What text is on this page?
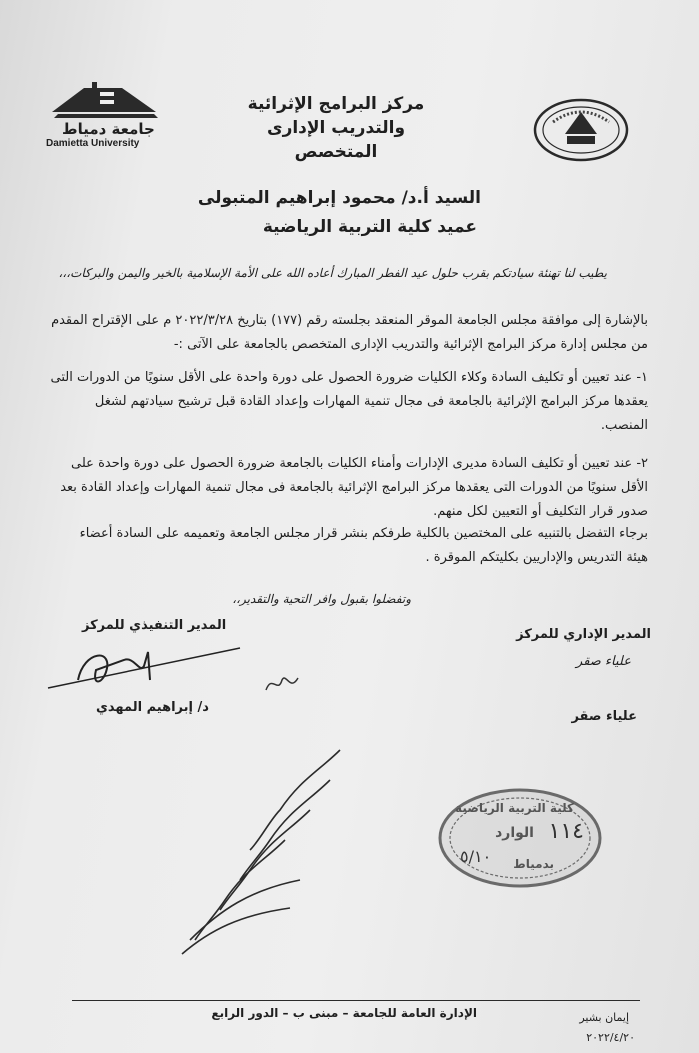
جامعة دمياط
Damietta University
مركز البرامج الإثرائية
والتدريب الإدارى المتخصص
السيد أ.د/ محمود إبراهيم المتبولى
عميد كلية التربية الرياضية
يطيب لنا تهنئة سيادتكم بقرب حلول عيد الفطر المبارك أعاده الله على الأمة الإسلامية بالخير واليمن والبركات،،،
بالإشارة إلى موافقة مجلس الجامعة الموقر المنعقد بجلسته رقم (١٧٧) بتاريخ ٢٠٢٢/٣/٢٨ م على الإقتراح المقدم من مجلس إدارة مركز البرامج الإثرائية والتدريب الإدارى المتخصص بالجامعة على الآتى :-
١- عند تعيين أو تكليف السادة وكلاء الكليات ضرورة الحصول على دورة واحدة على الأقل سنويًا من الدورات التى يعقدها مركز البرامج الإثرائية بالجامعة فى مجال تنمية المهارات وإعداد القادة قبل ترشيح سيادتهم لشغل المنصب.
٢- عند تعيين أو تكليف السادة مديرى الإدارات وأمناء الكليات بالجامعة ضرورة الحصول على دورة واحدة على الأقل سنويًا من الدورات التى يعقدها مركز البرامج الإثرائية بالجامعة فى مجال تنمية المهارات وإعداد القادة بعد صدور قرار التكليف أو التعيين لكل منهم.
برجاء التفضل بالتنبيه على المختصين بالكلية طرفكم بنشر قرار مجلس الجامعة وتعميمه على السادة أعضاء هيئة التدريس والإداريين بكليتكم الموقرة .
وتفضلوا بقبول وافر التحية والتقدير،،
المدير التنفيذي للمركز
المدير الإداري للمركز
علياء صقر
د/ إبراهيم المهدي
علياء صقر
كلية التربية الرياضية
الوارد ١١٤
٥/١٠ بدمياط
الإدارة العامة للجامعة – مبنى ب – الدور الرابع	إيمان بشير
٢٠٢٢/٤/٢٠
